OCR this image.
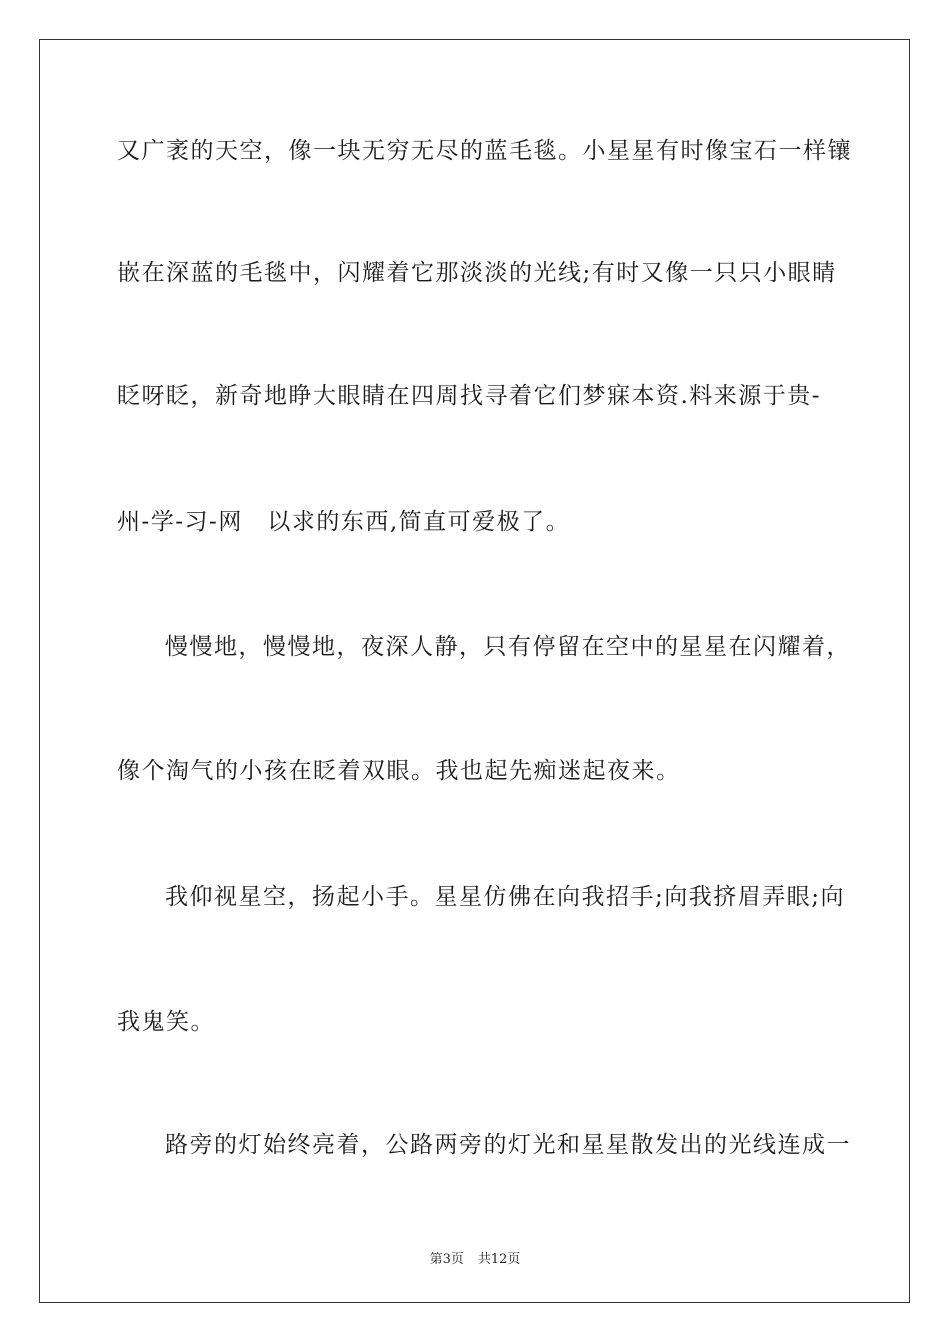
又广袤的天空，像一块无穷无尽的蓝毛毯。小星星有时像宝石一样镶
嵌在深蓝的毛毯中，闪耀着它那淡淡的光线;有时又像一只只小眼睛
眨呀眨，新奇地睁大眼睛在四周找寻着它们梦寐本资.料来源于贵-
州-学-习-网　以求的东西,简直可爱极了。
慢慢地，慢慢地，夜深人静，只有停留在空中的星星在闪耀着，
像个淘气的小孩在眨着双眼。我也起先痴迷起夜来。
我仰视星空，扬起小手。星星仿佛在向我招手;向我挤眉弄眼;向
我鬼笑。
路旁的灯始终亮着，公路两旁的灯光和星星散发出的光线连成一
第3页 共12页
